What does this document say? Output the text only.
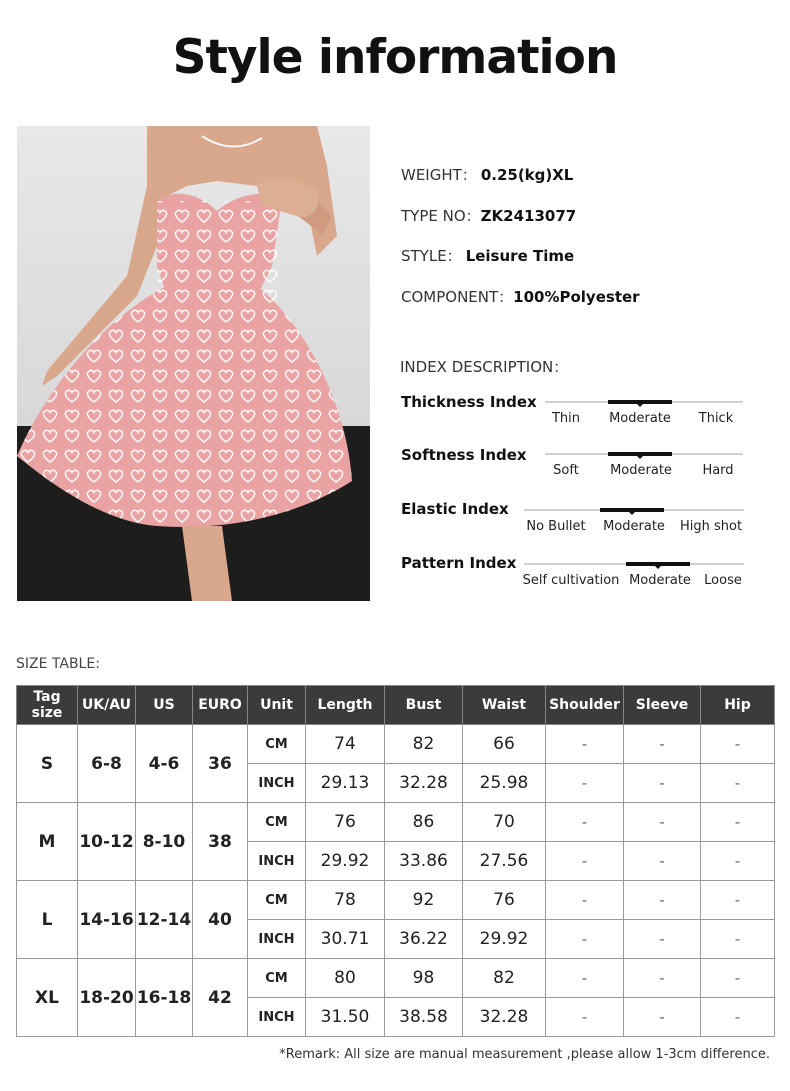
Style information
WEIGHT： 0.25(kg)XL
TYPE NO：ZK2413077
STYLE： Leisure Time
COMPONENT：100%Polyester
INDEX DESCRIPTION：
Thickness Index
Thin Moderate Thick
Softness Index
Soft Moderate Hard
Elastic Index
No Bullet Moderate High shot
Pattern Index
Self cultivation Moderate Loose
SIZE TABLE:
Tag size	UK/AU	US	EURO	Unit	Length	Bust	Waist	Shoulder	Sleeve	Hip
S	6-8	4-6	36	CM	74	82	66	-	-	-
				INCH	29.13	32.28	25.98	-	-	-
M	10-12	8-10	38	CM	76	86	70	-	-	-
				INCH	29.92	33.86	27.56	-	-	-
L	14-16	12-14	40	CM	78	92	76	-	-	-
				INCH	30.71	36.22	29.92	-	-	-
XL	18-20	16-18	42	CM	80	98	82	-	-	-
				INCH	31.50	38.58	32.28	-	-	-
*Remark: All size are manual measurement ,please allow 1-3cm difference.
